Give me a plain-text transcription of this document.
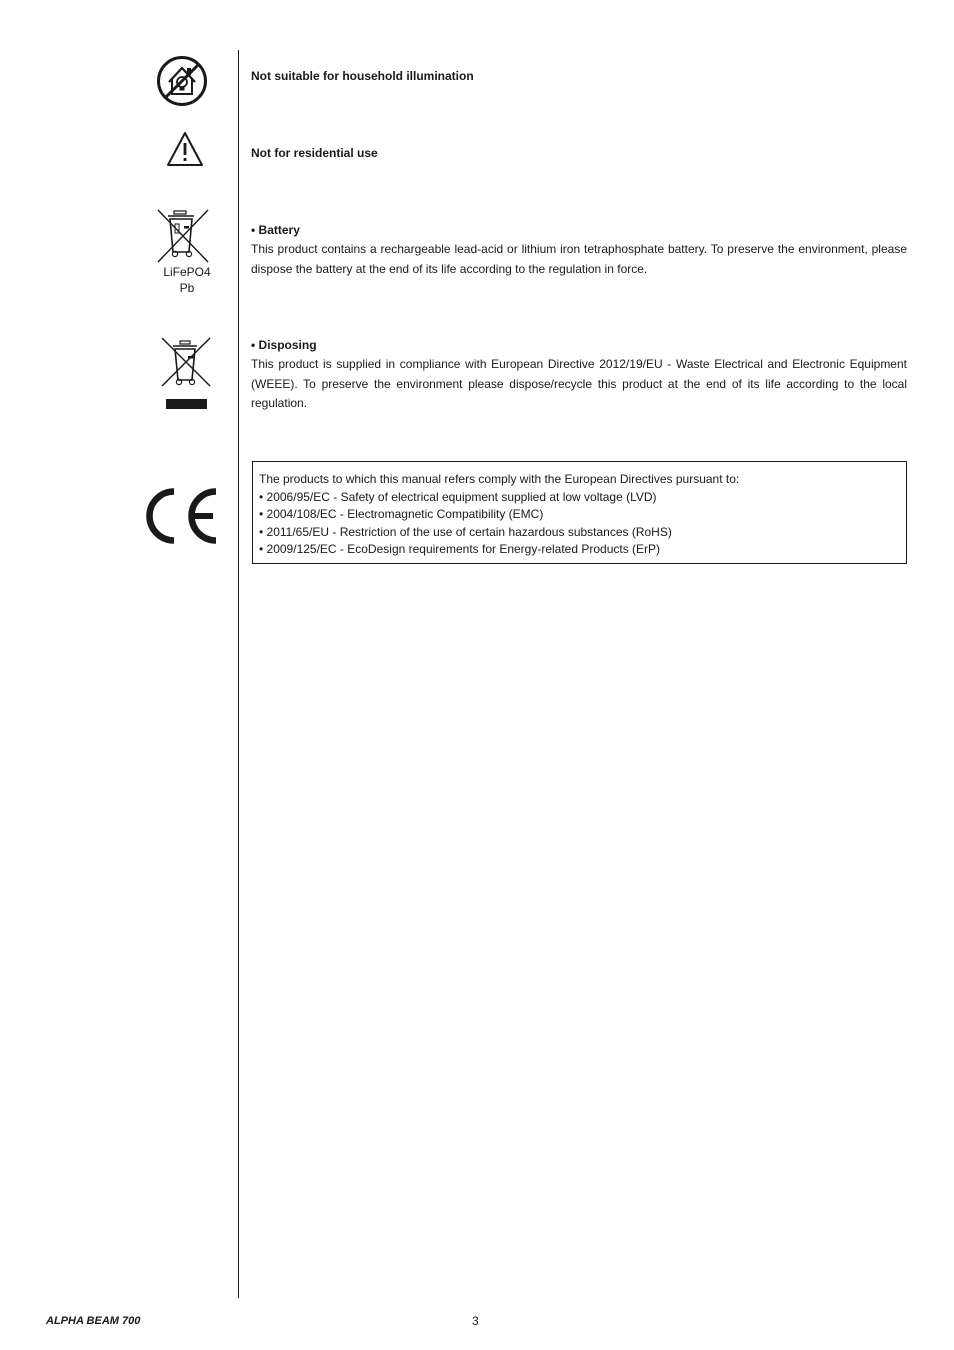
Not suitable for household illumination
Not for residential use
LiFePO4
Pb
• Battery

This product contains a rechargeable lead-acid or lithium iron tetraphosphate battery. To preserve the environment, please dispose the battery at the end of its life according to the regulation in force.

• Disposing

This product is supplied in compliance with European Directive 2012/19/EU - Waste Electrical and Electronic Equipment (WEEE). To preserve the environment please dispose/recycle this product at the end of its life according to the local regulation.

The products to which this manual refers comply with the European Directives pursuant to:
• 2006/95/EC - Safety of electrical equipment supplied at low voltage (LVD)
• 2004/108/EC - Electromagnetic Compatibility (EMC)
• 2011/65/EU - Restriction of the use of certain hazardous substances (RoHS)
• 2009/125/EC - EcoDesign requirements for Energy-related Products (ErP)
ALPHA BEAM 700	3
